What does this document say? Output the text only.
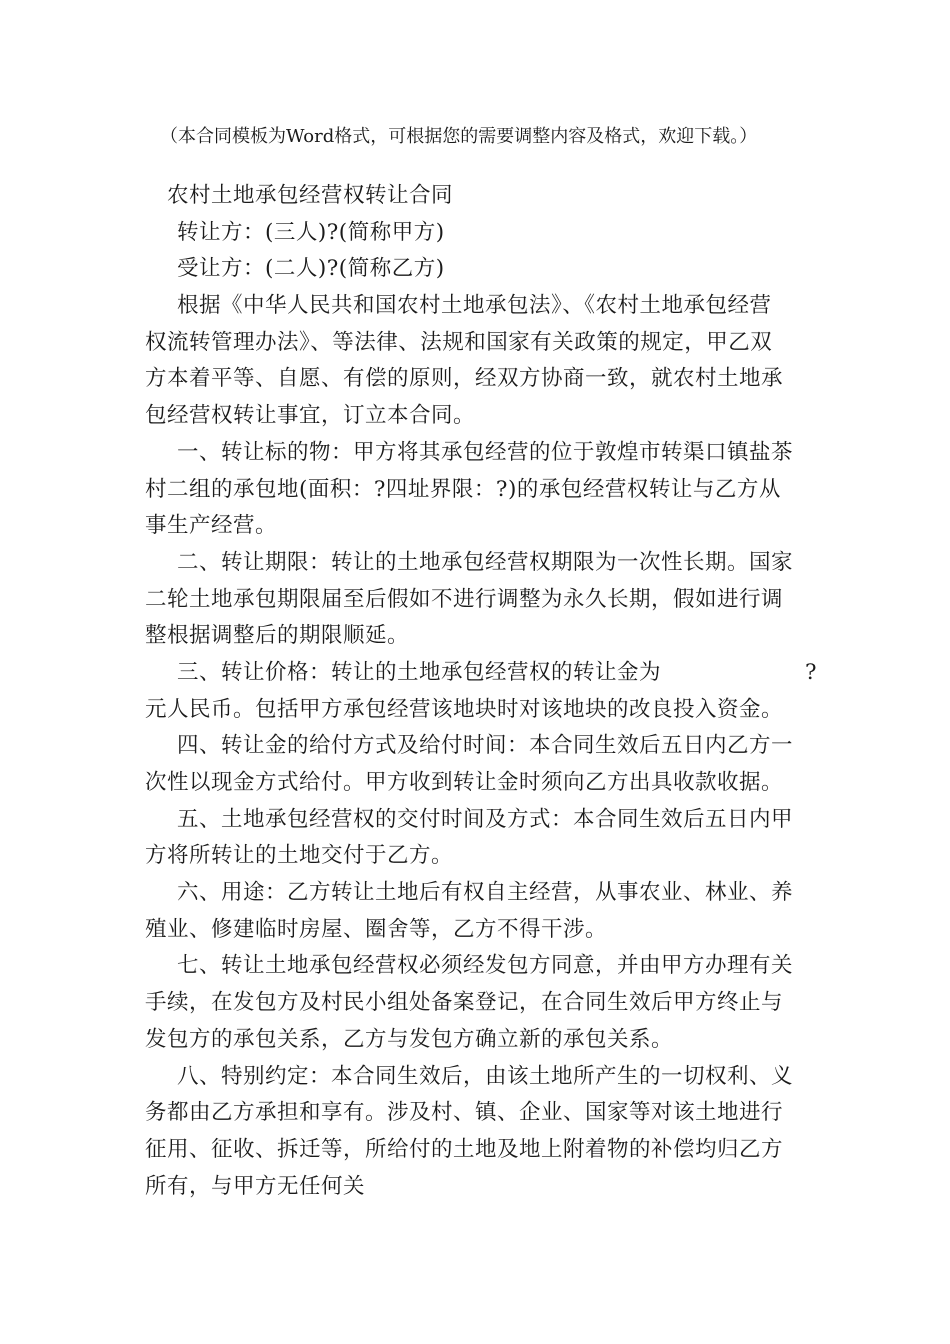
（本合同模板为Word格式，可根据您的需要调整内容及格式，欢迎下载。）
农村土地承包经营权转让合同
转让方：(三人)?(简称甲方)
受让方：(二人)?(简称乙方)
根据《中华人民共和国农村土地承包法》、《农村土地承包经营
权流转管理办法》、等法律、法规和国家有关政策的规定，甲乙双
方本着平等、自愿、有偿的原则，经双方协商一致，就农村土地承
包经营权转让事宜，订立本合同。
一、转让标的物：甲方将其承包经营的位于敦煌市转渠口镇盐茶
村二组的承包地(面积：?四址界限：?)的承包经营权转让与乙方从
事生产经营。
二、转让期限：转让的土地承包经营权期限为一次性长期。国家
二轮土地承包期限届至后假如不进行调整为永久长期，假如进行调
整根据调整后的期限顺延。
三、转让价格：转让的土地承包经营权的转让金为	?
元人民币。包括甲方承包经营该地块时对该地块的改良投入资金。
四、转让金的给付方式及给付时间：本合同生效后五日内乙方一
次性以现金方式给付。甲方收到转让金时须向乙方出具收款收据。
五、土地承包经营权的交付时间及方式：本合同生效后五日内甲
方将所转让的土地交付于乙方。
六、用途：乙方转让土地后有权自主经营，从事农业、林业、养
殖业、修建临时房屋、圈舍等，乙方不得干涉。
七、转让土地承包经营权必须经发包方同意，并由甲方办理有关
手续，在发包方及村民小组处备案登记，在合同生效后甲方终止与
发包方的承包关系，乙方与发包方确立新的承包关系。
八、特别约定：本合同生效后，由该土地所产生的一切权利、义
务都由乙方承担和享有。涉及村、镇、企业、国家等对该土地进行
征用、征收、拆迁等，所给付的土地及地上附着物的补偿均归乙方
所有，与甲方无任何关
